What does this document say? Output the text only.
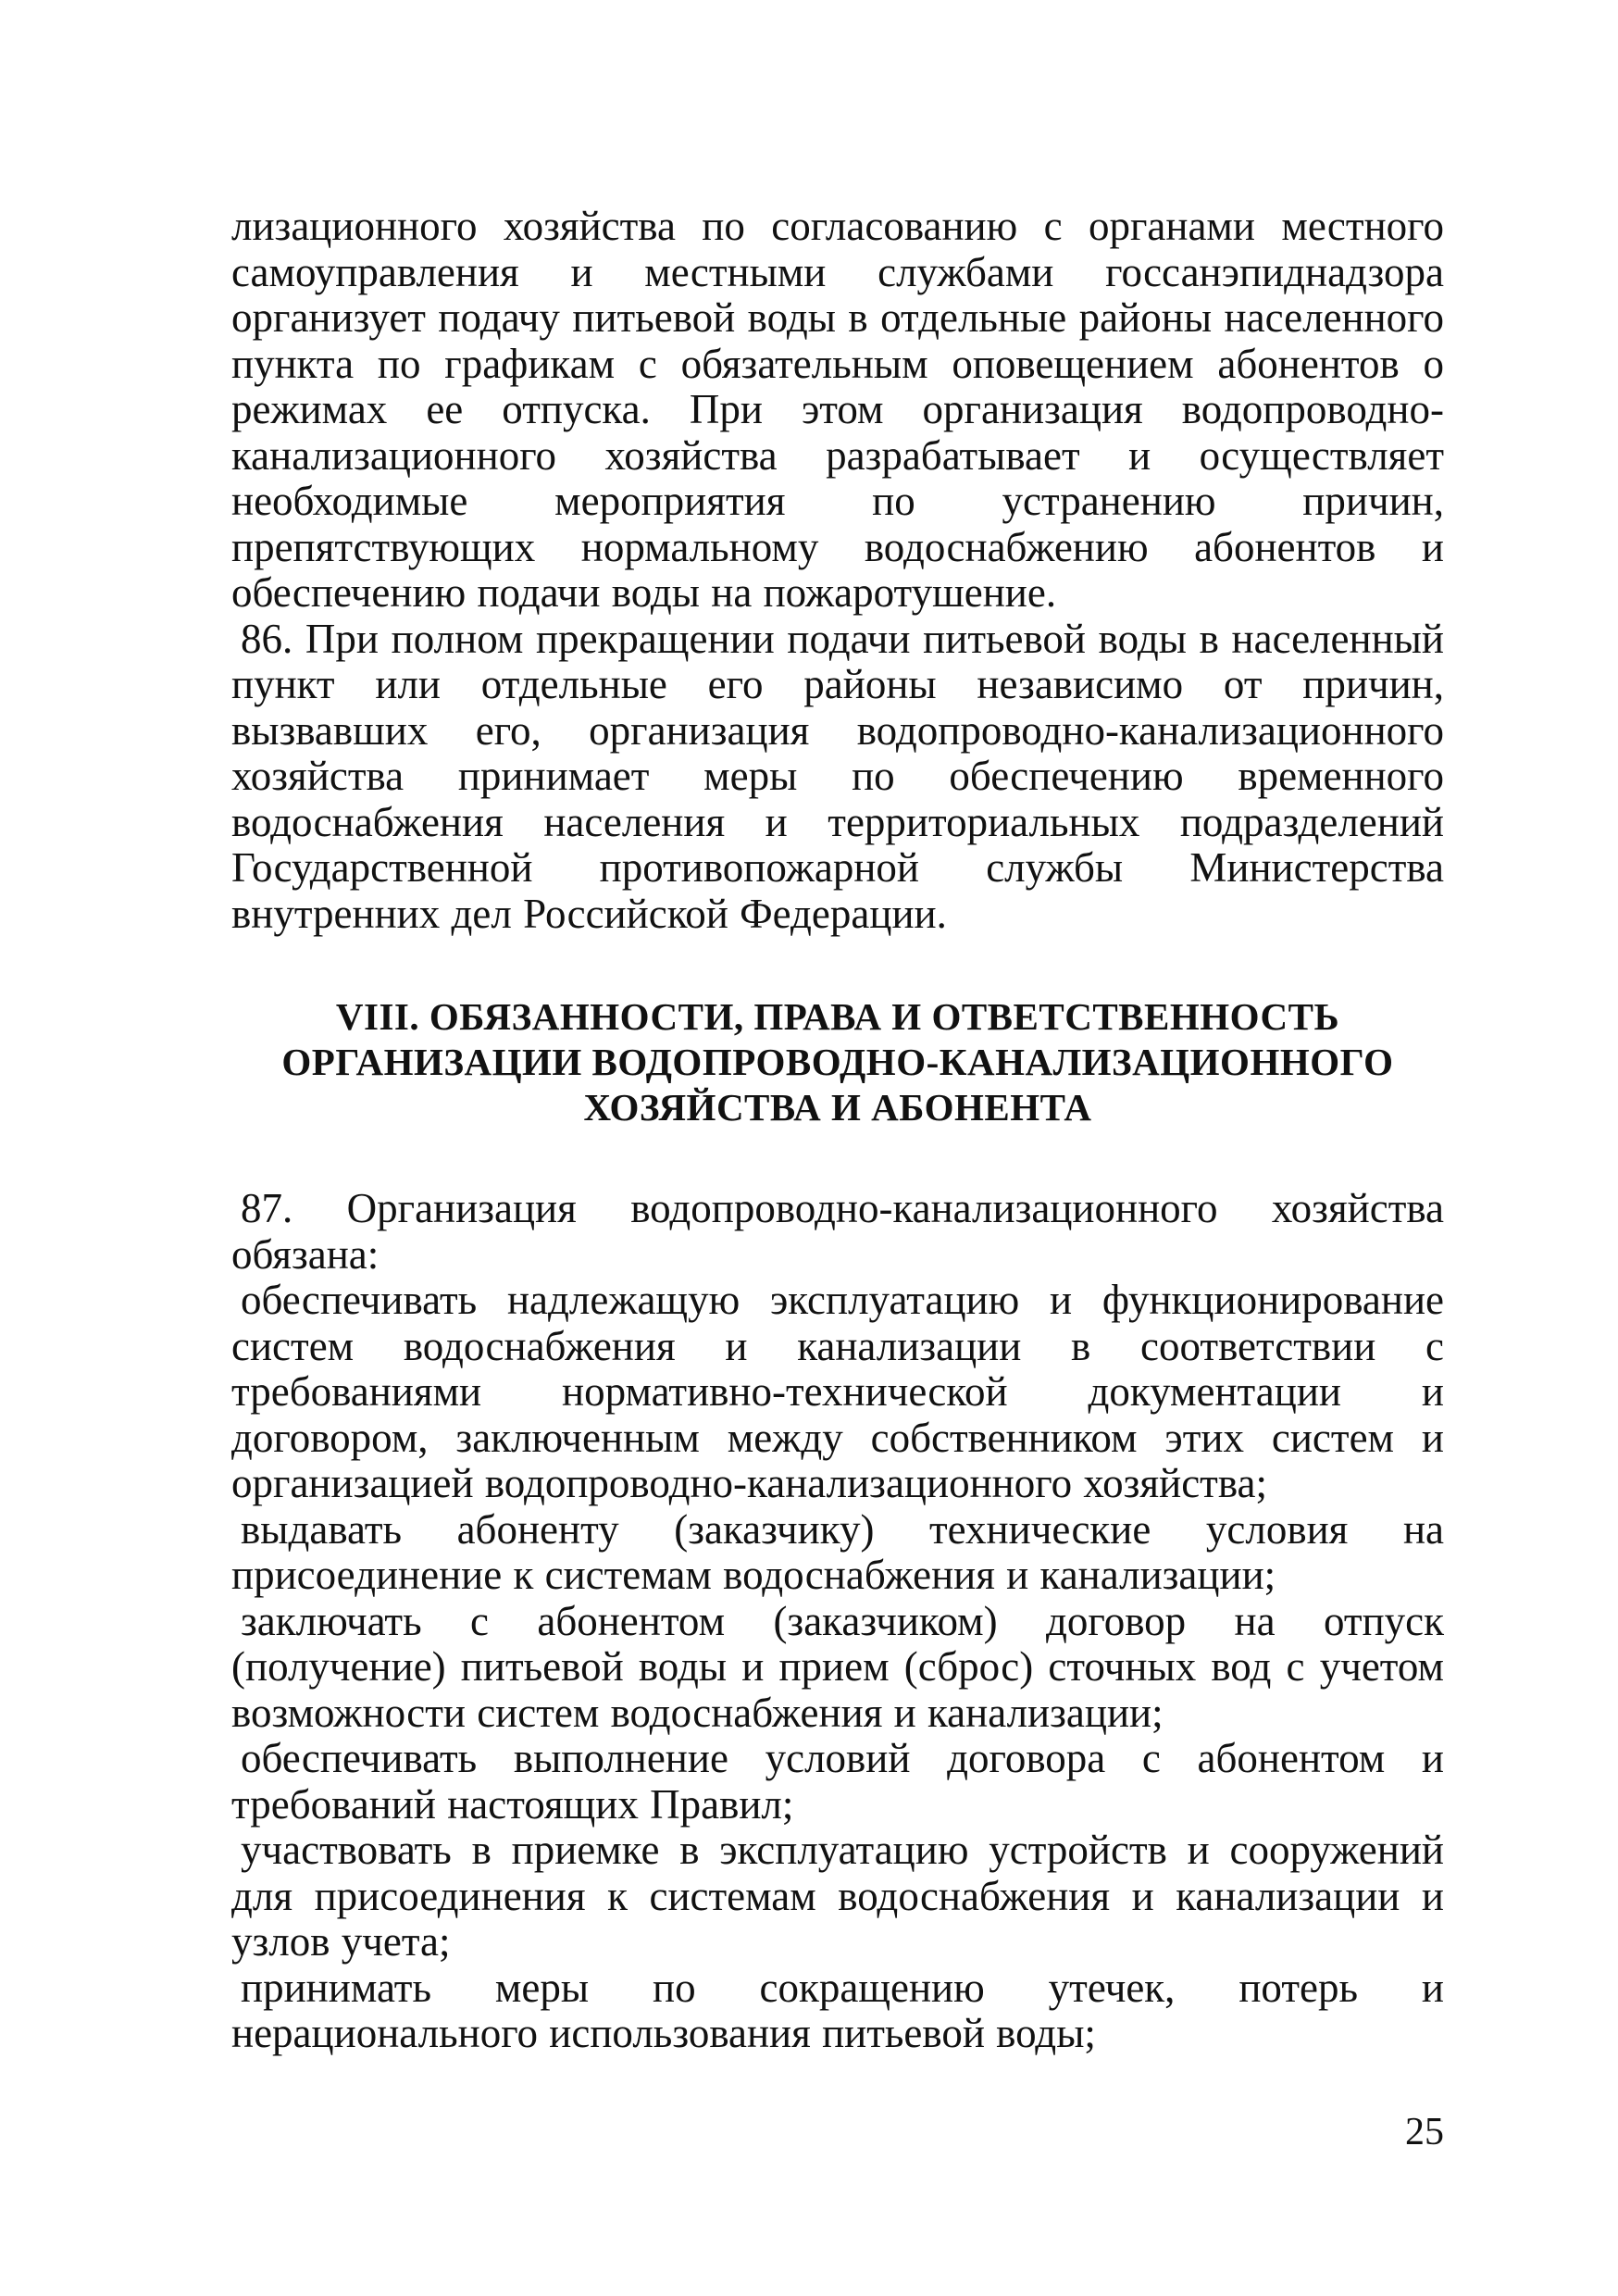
лизационного хозяйства по согласованию с органами местного самоуправления и местными службами госсанэпиднадзора организует подачу питьевой воды в отдельные районы населенного пункта по графикам с обязательным оповещением абонентов о режимах ее отпуска. При этом организация водопроводно-канализационного хозяйства разрабатывает и осуществляет необходимые мероприятия по устранению причин, препятствующих нормальному водоснабжению абонентов и обеспечению подачи воды на пожаротушение.

86. При полном прекращении подачи питьевой воды в населенный пункт или отдельные его районы независимо от причин, вызвавших его, организация водопроводно-канализационного хозяйства принимает меры по обеспечению временного водоснабжения населения и территориальных подразделений Государственной противопожарной службы Министерства внутренних дел Российской Федерации.

VIII. ОБЯЗАННОСТИ, ПРАВА И ОТВЕТСТВЕННОСТЬ

ОРГАНИЗАЦИИ ВОДОПРОВОДНО-КАНАЛИЗАЦИОННОГО

ХОЗЯЙСТВА И АБОНЕНТА

87. Организация водопроводно-канализационного хозяйства обязана:

обеспечивать надлежащую эксплуатацию и функционирование систем водоснабжения и канализации в соответствии с требованиями нормативно-технической документации и договором, заключенным между собственником этих систем и организацией водопроводно-канализационного хозяйства;

выдавать абоненту (заказчику) технические условия на присоединение к системам водоснабжения и канализации;

заключать с абонентом (заказчиком) договор на отпуск (получение) питьевой воды и прием (сброс) сточных вод с учетом возможности систем водоснабжения и канализации;

обеспечивать выполнение условий договора с абонентом и требований настоящих Правил;

участвовать в приемке в эксплуатацию устройств и сооружений для присоединения к системам водоснабжения и канализации и узлов учета;

принимать меры по сокращению утечек, потерь и нерационального использования питьевой воды;

25
